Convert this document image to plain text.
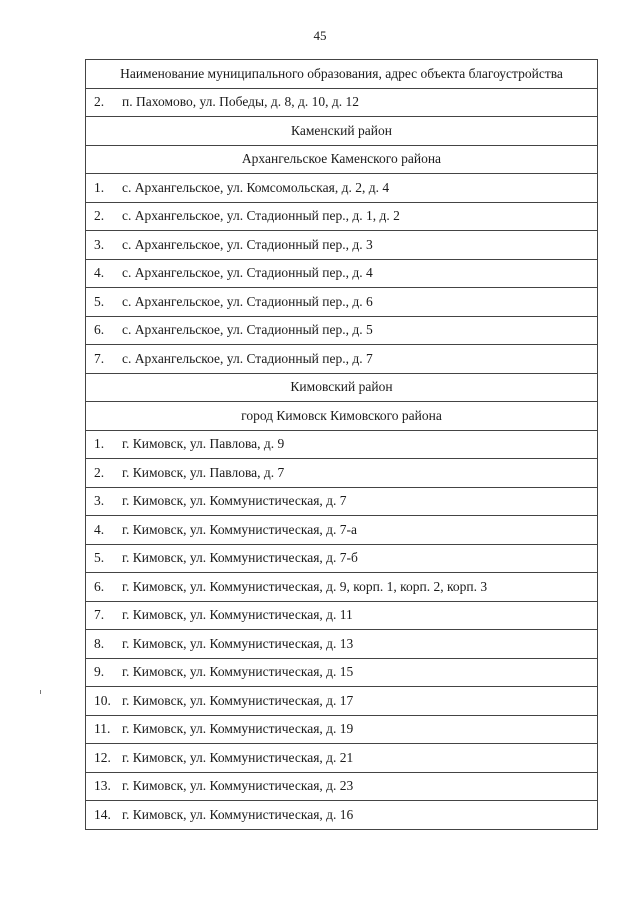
45
Наименование муниципального образования, адрес объекта благоустройства
2. п. Пахомово, ул. Победы, д. 8, д. 10, д. 12
Каменский район
Архангельское Каменского района
1. с. Архангельское, ул. Комсомольская, д. 2, д. 4
2. с. Архангельское, ул. Стадионный пер., д. 1, д. 2
3. с. Архангельское, ул. Стадионный пер., д. 3
4. с. Архангельское, ул. Стадионный пер., д. 4
5. с. Архангельское, ул. Стадионный пер., д. 6
6. с. Архангельское, ул. Стадионный пер., д. 5
7. с. Архангельское, ул. Стадионный пер., д. 7
Кимовский район
город Кимовск Кимовского района
1. г. Кимовск, ул. Павлова, д. 9
2. г. Кимовск, ул. Павлова, д. 7
3. г. Кимовск, ул. Коммунистическая, д. 7
4. г. Кимовск, ул. Коммунистическая, д. 7-а
5. г. Кимовск, ул. Коммунистическая, д. 7-б
6. г. Кимовск, ул. Коммунистическая, д. 9, корп. 1, корп. 2, корп. 3
7. г. Кимовск, ул. Коммунистическая, д. 11
8. г. Кимовск, ул. Коммунистическая, д. 13
9. г. Кимовск, ул. Коммунистическая, д. 15
10. г. Кимовск, ул. Коммунистическая, д. 17
11. г. Кимовск, ул. Коммунистическая, д. 19
12. г. Кимовск, ул. Коммунистическая, д. 21
13. г. Кимовск, ул. Коммунистическая, д. 23
14. г. Кимовск, ул. Коммунистическая, д. 16
